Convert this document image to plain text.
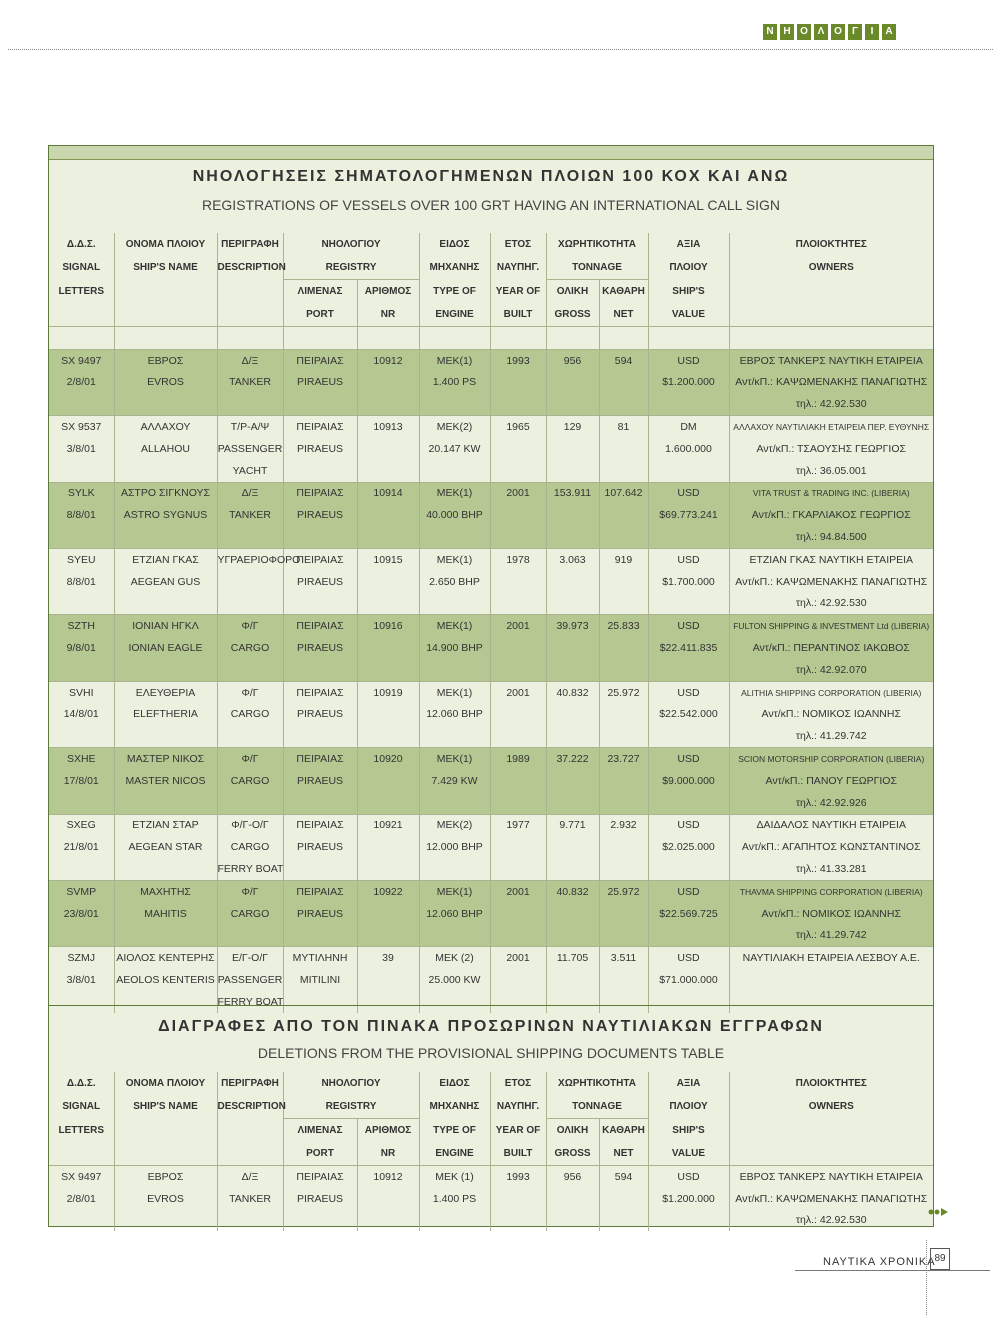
Ν Η Ο Λ Ο	Γ	Ι	Α
ΝΗΟΛΟΓΗΣΕΙΣ ΣΗΜΑΤΟΛΟΓΗΜΕΝΩΝ ΠΛΟΙΩΝ 100 ΚΟΧ ΚΑΙ ΑΝΩ
REGISTRATIONS OF VESSELS OVER 100 GRT HAVING AN INTERNATIONAL CALL SIGN
Δ.Δ.Σ.	ΟΝΟΜΑ ΠΛΟΙΟΥ	ΠΕΡΙΓΡΑΦΗ	ΝΗΟΛΟΓΙΟΥ		ΕΙΔΟΣ	ΕΤΟΣ	ΧΩΡΗΤΙΚΟΤΗΤΑ		ΑΞΙΑ	ΠΛΟΙΟΚΤΗΤΕΣ
SIGNAL	SHIP'S NAME	DESCRIPTION	REGISTRY		ΜΗΧΑΝΗΣ	ΝΑΥΠΗΓ.	TONNAGE		ΠΛΟΙΟΥ	OWNERS
LETTERS			ΛΙΜΕΝΑΣ	ΑΡΙΘΜΟΣ	TYPE OF	YEAR OF	ΟΛΙΚΗ	ΚΑΘΑΡΗ	SHIP'S	
			PORT	NR	ENGINE	BUILT	GROSS	NET	VALUE	

SX 9497	ΕΒΡΟΣ	Δ/Ξ	ΠΕΙΡΑΙΑΣ	10912	ΜΕΚ(1)	1993	956	594	USD	ΕΒΡΟΣ ΤΑΝΚΕΡΣ ΝΑΥΤΙΚΗ ΕΤΑΙΡΕΙΑ
2/8/01	EVROS	TANKER	PIRAEUS		1.400 PS				$1.200.000	Αντ/κΠ.: ΚΑΨΩΜΕΝΑΚΗΣ ΠΑΝΑΓΙΩΤΗΣ
										τηλ.: 42.92.530
SX 9537	ΑΛΛΑΧΟΥ	Τ/Ρ-Α/Ψ	ΠΕΙΡΑΙΑΣ	10913	ΜΕΚ(2)	1965	129	81	DM	ΑΛΛΑΧΟΥ ΝΑΥΤΙΛΙΑΚΗ ΕΤΑΙΡΕΙΑ ΠΕΡ. ΕΥΘΥΝΗΣ
3/8/01	ALLAHOU	PASSENGER	PIRAEUS		20.147 KW				1.600.000	Αντ/κΠ.: ΤΣΑΟΥΣΗΣ ΓΕΩΡΓΙΟΣ
		YACHT								τηλ.: 36.05.001
SYLK	ΑΣΤΡΟ ΣΙΓΚΝΟΥΣ	Δ/Ξ	ΠΕΙΡΑΙΑΣ	10914	ΜΕΚ(1)	2001	153.911	107.642	USD	VITA TRUST & TRADING INC. (LIBERIA)
8/8/01	ASTRO SYGNUS	TANKER	PIRAEUS		40.000 BHP				$69.773.241	Αντ/κΠ.: ΓΚΑΡΛΙΑΚΟΣ ΓΕΩΡΓΙΟΣ
										τηλ.: 94.84.500
SYEU	ΕΤΖΙΑΝ ΓΚΑΣ	ΥΓΡΑΕΡΙΟΦΟΡΟ	ΠΕΙΡΑΙΑΣ	10915	ΜΕΚ(1)	1978	3.063	919	USD	ΕΤΖΙΑΝ ΓΚΑΣ ΝΑΥΤΙΚΗ ΕΤΑΙΡΕΙΑ
8/8/01	AEGEAN GUS		PIRAEUS		2.650 BHP				$1.700.000	Αντ/κΠ.: ΚΑΨΩΜΕΝΑΚΗΣ ΠΑΝΑΓΙΩΤΗΣ
										τηλ.: 42.92.530
SZTH	ΙΟΝΙΑΝ ΗΓΚΛ	Φ/Γ	ΠΕΙΡΑΙΑΣ	10916	ΜΕΚ(1)	2001	39.973	25.833	USD	FULTON SHIPPING & INVESTMENT Ltd (LIBERIA)
9/8/01	IONIAN EAGLE	CARGO	PIRAEUS		14.900 BHP				$22.411.835	Αντ/κΠ.: ΠΕΡΑΝΤΙΝΟΣ ΙΑΚΩΒΟΣ
										τηλ.: 42.92.070
SVHI	ΕΛΕΥΘΕΡΙΑ	Φ/Γ	ΠΕΙΡΑΙΑΣ	10919	ΜΕΚ(1)	2001	40.832	25.972	USD	ALITHIA SHIPPING CORPORATION (LIBERIA)
14/8/01	ELEFTHERIA	CARGO	PIRAEUS		12.060 BHP				$22.542.000	Αντ/κΠ.: ΝΟΜΙΚΟΣ ΙΩΑΝΝΗΣ
										τηλ.: 41.29.742
SXHE	ΜΑΣΤΕΡ ΝΙΚΟΣ	Φ/Γ	ΠΕΙΡΑΙΑΣ	10920	ΜΕΚ(1)	1989	37.222	23.727	USD	SCION MOTORSHIP CORPORATION (LIBERIA)
17/8/01	MASTER NICOS	CARGO	PIRAEUS		7.429 KW				$9.000.000	Αντ/κΠ.: ΠΑΝΟΥ ΓΕΩΡΓΙΟΣ
										τηλ.: 42.92.926
SXEG	ΕΤΖΙΑΝ ΣΤΑΡ	Φ/Γ-Ο/Γ	ΠΕΙΡΑΙΑΣ	10921	ΜΕΚ(2)	1977	9.771	2.932	USD	ΔΑΙΔΑΛΟΣ ΝΑΥΤΙΚΗ ΕΤΑΙΡΕΙΑ
21/8/01	AEGEAN STAR	CARGO	PIRAEUS		12.000 BHP				$2.025.000	Αντ/κΠ.: ΑΓΑΠΗΤΟΣ ΚΩΝΣΤΑΝΤΙΝΟΣ
		FERRY BOAT								τηλ.: 41.33.281
SVMP	ΜΑΧΗΤΗΣ	Φ/Γ	ΠΕΙΡΑΙΑΣ	10922	ΜΕΚ(1)	2001	40.832	25.972	USD	THAVMA SHIPPING CORPORATION (LIBERIA)
23/8/01	MAHITIS	CARGO	PIRAEUS		12.060 BHP				$22.569.725	Αντ/κΠ.: ΝΟΜΙΚΟΣ ΙΩΑΝΝΗΣ
										τηλ.: 41.29.742
SZMJ	ΑΙΟΛΟΣ ΚΕΝΤΕΡΗΣ	Ε/Γ-Ο/Γ	ΜΥΤΙΛΗΝΗ	39	ΜΕΚ (2)	2001	11.705	3.511	USD	ΝΑΥΤΙΛΙΑΚΗ ΕΤΑΙΡΕΙΑ ΛΕΣΒΟΥ Α.Ε.
3/8/01	AEOLOS KENTERIS	PASSENGER	MITILINI		25.000 KW				$71.000.000	
		FERRY BOAT								
ΔΙΑΓΡΑΦΕΣ ΑΠΟ ΤΟΝ ΠΙΝΑΚΑ ΠΡΟΣΩΡΙΝΩΝ ΝΑΥΤΙΛΙΑΚΩΝ ΕΓΓΡΑΦΩΝ
DELETIONS FROM THE PROVISIONAL SHIPPING DOCUMENTS TABLE
Δ.Δ.Σ.	ΟΝΟΜΑ ΠΛΟΙΟΥ	ΠΕΡΙΓΡΑΦΗ	ΝΗΟΛΟΓΙΟΥ		ΕΙΔΟΣ	ΕΤΟΣ	ΧΩΡΗΤΙΚΟΤΗΤΑ		ΑΞΙΑ	ΠΛΟΙΟΚΤΗΤΕΣ
SIGNAL	SHIP'S NAME	DESCRIPTION	REGISTRY		ΜΗΧΑΝΗΣ	ΝΑΥΠΗΓ.	TONNAGE		ΠΛΟΙΟΥ	OWNERS
LETTERS			ΛΙΜΕΝΑΣ	ΑΡΙΘΜΟΣ	TYPE OF	YEAR OF	ΟΛΙΚΗ	ΚΑΘΑΡΗ	SHIP'S	
			PORT	NR	ENGINE	BUILT	GROSS	NET	VALUE	
SX 9497	ΕΒΡΟΣ	Δ/Ξ	ΠΕΙΡΑΙΑΣ	10912	ΜΕΚ (1)	1993	956	594	USD	ΕΒΡΟΣ ΤΑΝΚΕΡΣ ΝΑΥΤΙΚΗ ΕΤΑΙΡΕΙΑ
2/8/01	EVROS	TANKER	PIRAEUS		1.400 PS				$1.200.000	Αντ/κΠ.: ΚΑΨΩΜΕΝΑΚΗΣ ΠΑΝΑΓΙΩΤΗΣ
										τηλ.: 42.92.530
ΝΑΥΤΙΚΑ ΧΡΟΝΙΚΑ
89
